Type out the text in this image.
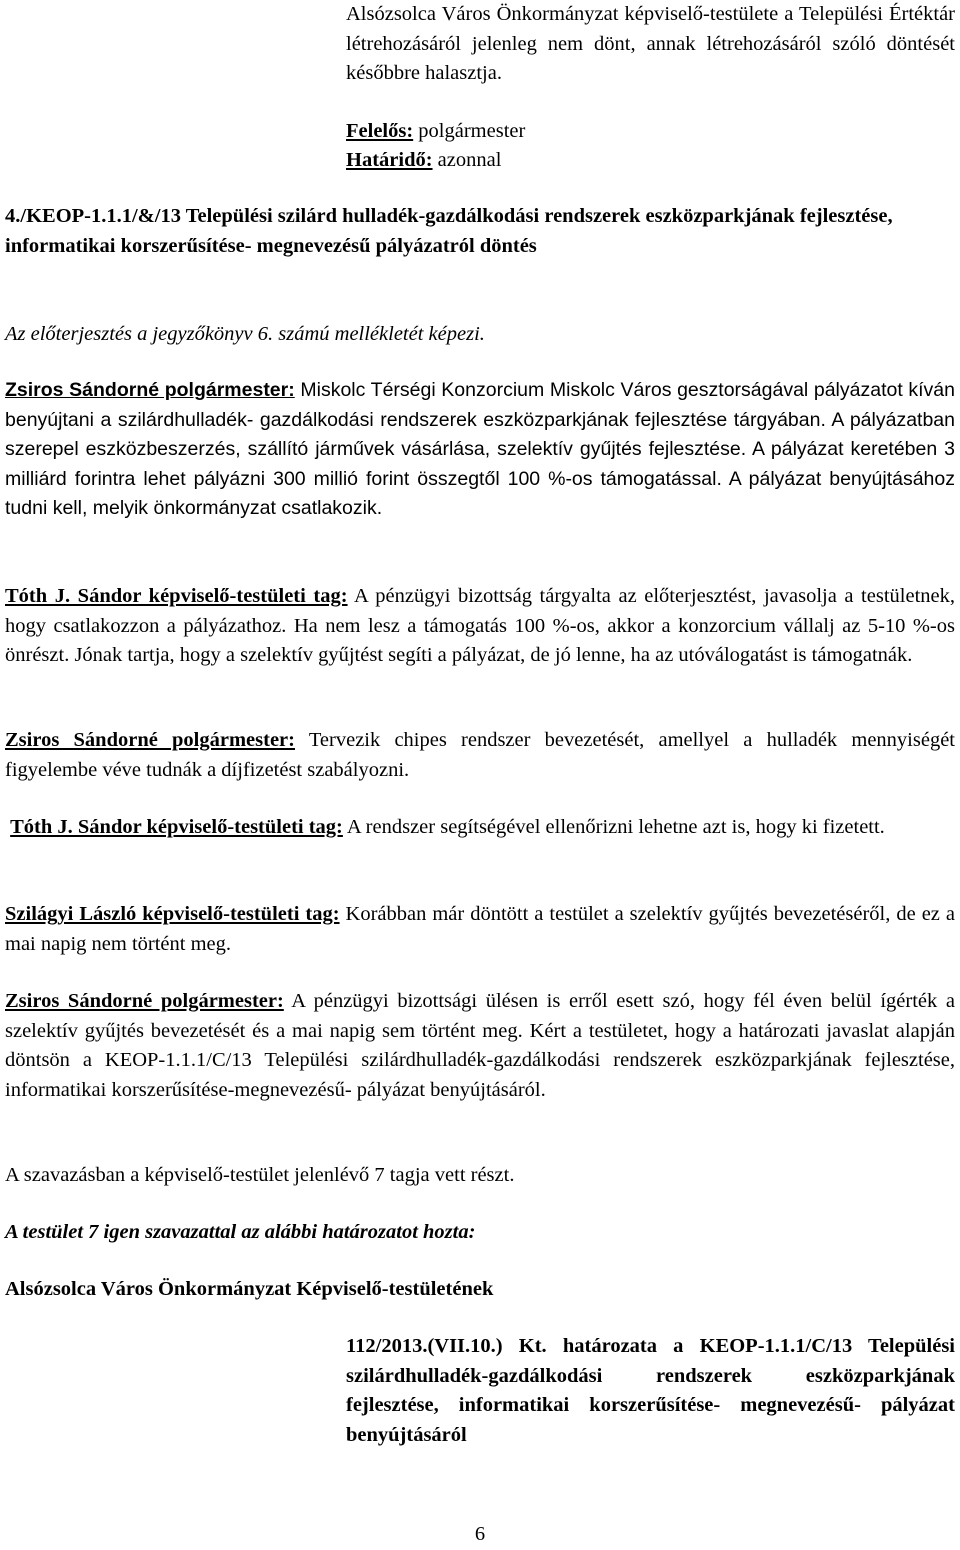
Alsózsolca Város Önkormányzat képviselő-testülete a Települési Értéktár létrehozásáról jelenleg nem dönt, annak létrehozásáról szóló döntését későbbre halasztja.

Felelős: polgármester

Határidő: azonnal

4./KEOP-1.1.1/&/13 Települési szilárd hulladék-gazdálkodási rendszerek eszközparkjának fejlesztése, informatikai korszerűsítése- megnevezésű pályázatról döntés

Az előterjesztés a jegyzőkönyv 6. számú mellékletét képezi.

Zsiros Sándorné polgármester: Miskolc Térségi Konzorcium Miskolc Város gesztorságával pályázatot kíván benyújtani a szilárdhulladék- gazdálkodási rendszerek eszközparkjának fejlesztése tárgyában. A pályázatban szerepel eszközbeszerzés, szállító járművek vásárlása, szelektív gyűjtés fejlesztése. A pályázat keretében 3 milliárd forintra lehet pályázni 300 millió forint összegtől 100 %-os támogatással. A pályázat benyújtásához tudni kell, melyik önkormányzat csatlakozik.

Tóth J. Sándor képviselő-testületi tag: A pénzügyi bizottság tárgyalta az előterjesztést, javasolja a testületnek, hogy csatlakozzon a pályázathoz. Ha nem lesz a támogatás 100 %-os, akkor a konzorcium vállalj az 5-10 %-os önrészt. Jónak tartja, hogy a szelektív gyűjtést segíti a pályázat, de jó lenne, ha az utóválogatást is támogatnák.

Zsiros Sándorné polgármester: Tervezik chipes rendszer bevezetését, amellyel a hulladék mennyiségét figyelembe véve tudnák a díjfizetést szabályozni.

Tóth J. Sándor képviselő-testületi tag: A rendszer segítségével ellenőrizni lehetne azt is, hogy ki fizetett.

Szilágyi László képviselő-testületi tag: Korábban már döntött a testület a szelektív gyűjtés bevezetéséről, de ez a mai napig nem történt meg.

Zsiros Sándorné polgármester: A pénzügyi bizottsági ülésen is erről esett szó, hogy fél éven belül ígérték a szelektív gyűjtés bevezetését és a mai napig sem történt meg. Kért a testületet, hogy a határozati javaslat alapján döntsön a KEOP-1.1.1/C/13 Települési szilárdhulladék-gazdálkodási rendszerek eszközparkjának fejlesztése, informatikai korszerűsítése-megnevezésű- pályázat benyújtásáról.

A szavazásban a képviselő-testület jelenlévő 7 tagja vett részt.

A testület 7 igen szavazattal az alábbi határozatot hozta:

Alsózsolca Város Önkormányzat Képviselő-testületének

112/2013.(VII.10.) Kt. határozata a KEOP-1.1.1/C/13 Települési szilárdhulladék-gazdálkodási rendszerek eszközparkjának fejlesztése, informatikai korszerűsítése- megnevezésű- pályázat benyújtásáról

6
